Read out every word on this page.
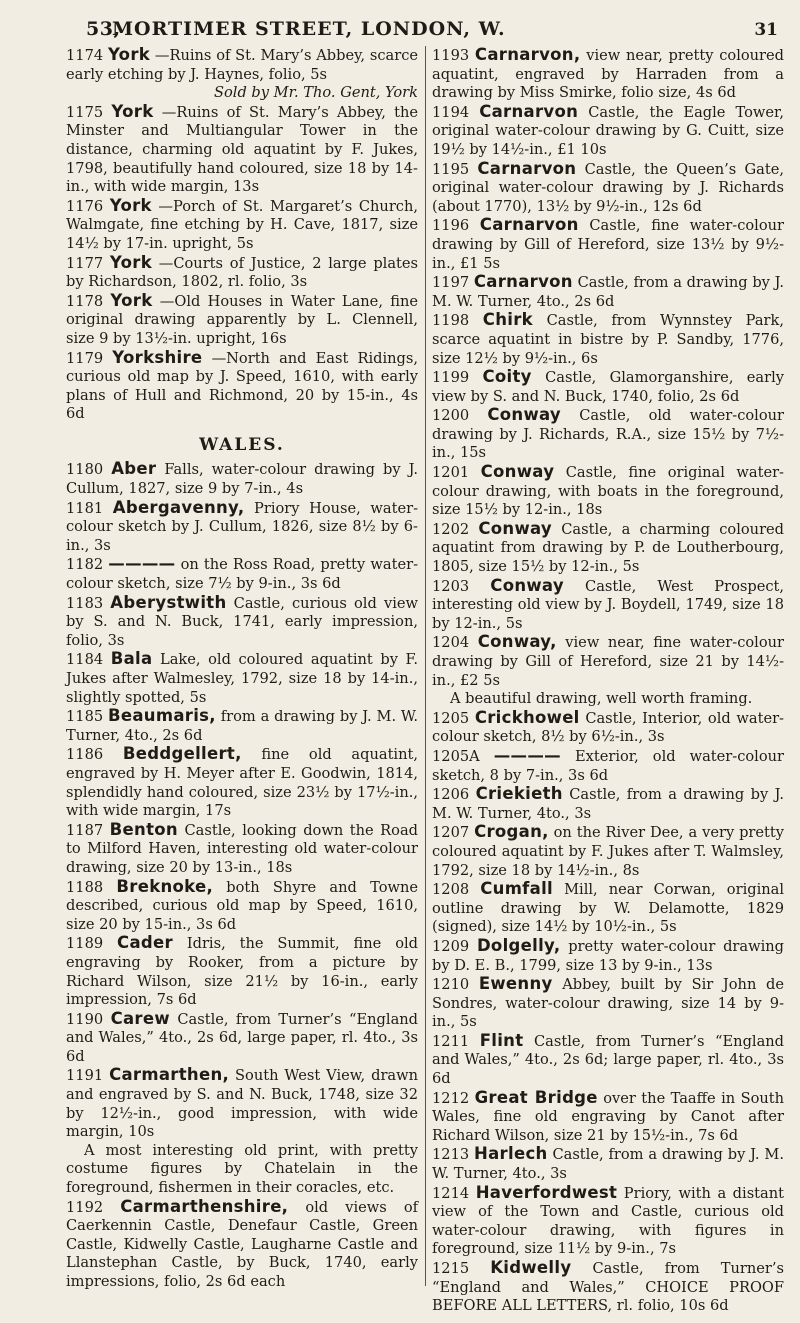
53,
MORTIMER STREET, LONDON, W.	31
1174 York —Ruins of St. Mary’s Abbey, scarce early etching by J. Haynes, folio, 5s
Sold by Mr. Tho. Gent, York
1175 York —Ruins of St. Mary’s Abbey, the Minster and Multiangular Tower in the distance, charming old aquatint by F. Jukes, 1798, beautifully hand coloured, size 18 by 14-in., with wide margin, 13s
1176 York —Porch of St. Margaret’s Church, Walmgate, fine etching by H. Cave, 1817, size 14½ by 17-in. upright, 5s
1177 York —Courts of Justice, 2 large plates by Richardson, 1802, rl. folio, 3s
1178 York —Old Houses in Water Lane, fine original drawing apparently by L. Clennell, size 9 by 13½-in. upright, 16s
1179 Yorkshire —North and East Ridings, curious old map by J. Speed, 1610, with early plans of Hull and Richmond, 20 by 15-in., 4s 6d
WALES.
1180 Aber Falls, water-colour drawing by J. Cullum, 1827, size 9 by 7-in., 4s
1181 Abergavenny, Priory House, water-colour sketch by J. Cullum, 1826, size 8½ by 6-in., 3s
1182 ———— on the Ross Road, pretty water-colour sketch, size 7½ by 9-in., 3s 6d
1183 Aberystwith Castle, curious old view by S. and N. Buck, 1741, early impression, folio, 3s
1184 Bala Lake, old coloured aquatint by F. Jukes after Walmesley, 1792, size 18 by 14-in., slightly spotted, 5s
1185 Beaumaris, from a drawing by J. M. W. Turner, 4to., 2s 6d
1186 Beddgellert, fine old aquatint, engraved by H. Meyer after E. Goodwin, 1814, splendidly hand coloured, size 23½ by 17½-in., with wide margin, 17s
1187 Benton Castle, looking down the Road to Milford Haven, interesting old water-colour drawing, size 20 by 13-in., 18s
1188 Breknoke, both Shyre and Towne described, curious old map by Speed, 1610, size 20 by 15-in., 3s 6d
1189 Cader Idris, the Summit, fine old engraving by Rooker, from a picture by Richard Wilson, size 21½ by 16-in., early impression, 7s 6d
1190 Carew Castle, from Turner’s “England and Wales,” 4to., 2s 6d, large paper, rl. 4to., 3s 6d
1191 Carmarthen, South West View, drawn and engraved by S. and N. Buck, 1748, size 32 by 12½-in., good impression, with wide margin, 10s
A most interesting old print, with pretty costume figures by Chatelain in the foreground, fishermen in their coracles, etc.
1192 Carmarthenshire, old views of Caerkennin Castle, Denefaur Castle, Green Castle, Kidwelly Castle, Laugharne Castle and Llanstephan Castle, by Buck, 1740, early impressions, folio, 2s 6d each
1193 Carnarvon, view near, pretty coloured aquatint, engraved by Harraden from a drawing by Miss Smirke, folio size, 4s 6d
1194 Carnarvon Castle, the Eagle Tower, original water-colour drawing by G. Cuitt, size 19½ by 14½-in., £1 10s
1195 Carnarvon Castle, the Queen’s Gate, original water-colour drawing by J. Richards (about 1770), 13½ by 9½-in., 12s 6d
1196 Carnarvon Castle, fine water-colour drawing by Gill of Hereford, size 13½ by 9½-in., £1 5s
1197 Carnarvon Castle, from a drawing by J. M. W. Turner, 4to., 2s 6d
1198 Chirk Castle, from Wynnstey Park, scarce aquatint in bistre by P. Sandby, 1776, size 12½ by 9½-in., 6s
1199 Coity Castle, Glamorganshire, early view by S. and N. Buck, 1740, folio, 2s 6d
1200 Conway Castle, old water-colour drawing by J. Richards, R.A., size 15½ by 7½-in., 15s
1201 Conway Castle, fine original water-colour drawing, with boats in the foreground, size 15½ by 12-in., 18s
1202 Conway Castle, a charming coloured aquatint from drawing by P. de Loutherbourg, 1805, size 15½ by 12-in., 5s
1203 Conway Castle, West Prospect, interesting old view by J. Boydell, 1749, size 18 by 12-in., 5s
1204 Conway, view near, fine water-colour drawing by Gill of Hereford, size 21 by 14½-in., £2 5s
A beautiful drawing, well worth framing.
1205 Crickhowel Castle, Interior, old water-colour sketch, 8½ by 6½-in., 3s
1205A ———— Exterior, old water-colour sketch, 8 by 7-in., 3s 6d
1206 Criekieth Castle, from a drawing by J. M. W. Turner, 4to., 3s
1207 Crogan, on the River Dee, a very pretty coloured aquatint by F. Jukes after T. Walmsley, 1792, size 18 by 14½-in., 8s
1208 Cumfall Mill, near Corwan, original outline drawing by W. Delamotte, 1829 (signed), size 14½ by 10½-in., 5s
1209 Dolgelly, pretty water-colour drawing by D. E. B., 1799, size 13 by 9-in., 13s
1210 Ewenny Abbey, built by Sir John de Sondres, water-colour drawing, size 14 by 9-in., 5s
1211 Flint Castle, from Turner’s “England and Wales,” 4to., 2s 6d; large paper, rl. 4to., 3s 6d
1212 Great Bridge over the Taaffe in South Wales, fine old engraving by Canot after Richard Wilson, size 21 by 15½-in., 7s 6d
1213 Harlech Castle, from a drawing by J. M. W. Turner, 4to., 3s
1214 Haverfordwest Priory, with a distant view of the Town and Castle, curious old water-colour drawing, with figures in foreground, size 11½ by 9-in., 7s
1215 Kidwelly Castle, from Turner’s “England and Wales,” CHOICE PROOF BEFORE ALL LETTERS, rl. folio, 10s 6d
